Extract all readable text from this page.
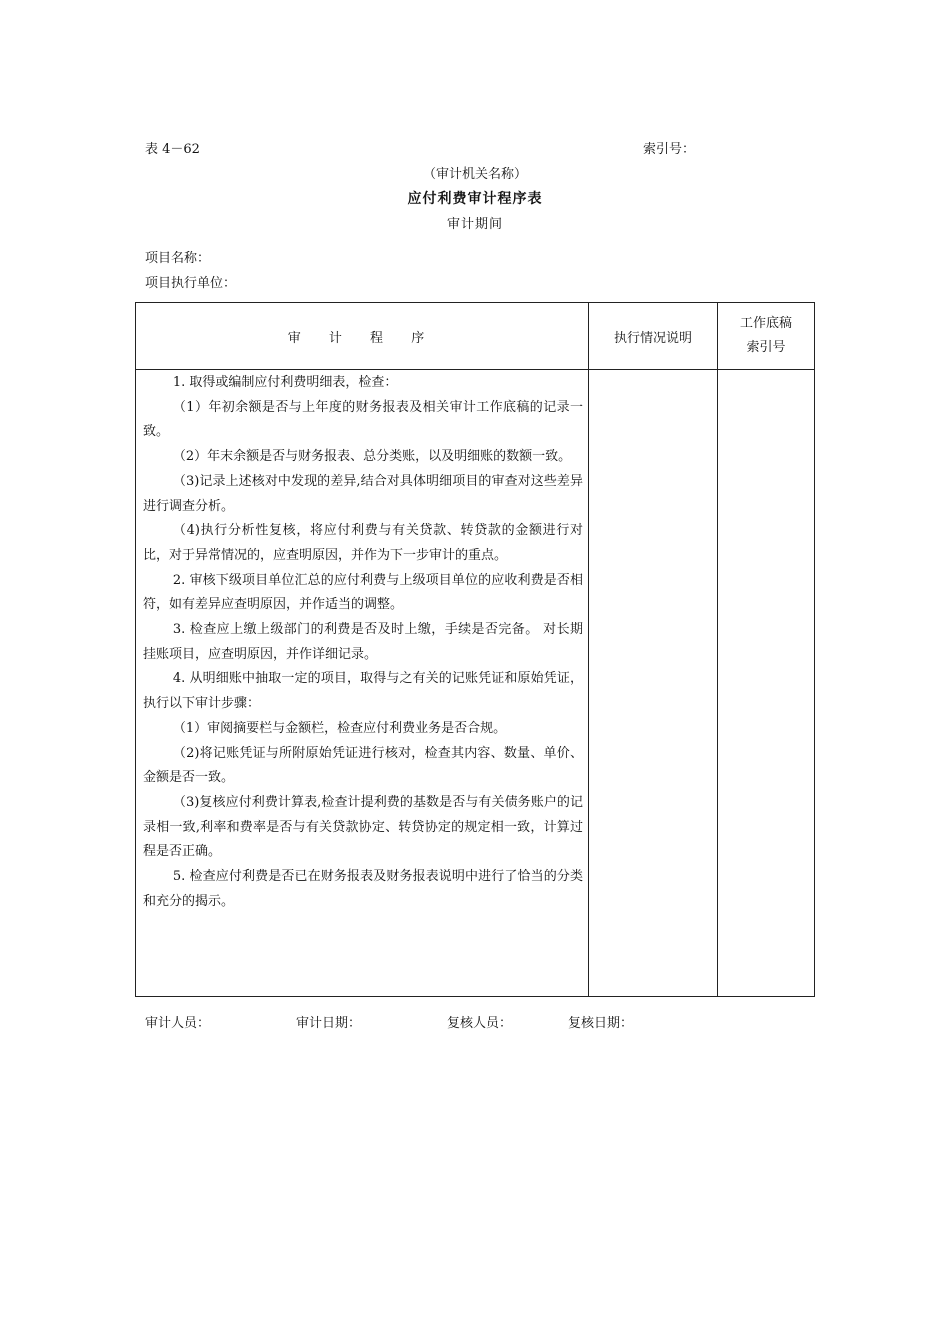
表 4－62	索引号：
（审计机关名称）
应付利费审计程序表
审计期间
项目名称：
项目执行单位：
审 计 程 序	执行情况说明
工作底稿
索引号

1. 取得或编制应付利费明细表，检查：

（1）年初余额是否与上年度的财务报表及相关审计工作底稿的记录一致。

（2）年末余额是否与财务报表、总分类账，以及明细账的数额一致。

（3)记录上述核对中发现的差异,结合对具体明细项目的审查对这些差异进行调查分析。

（4)执行分析性复核，将应付利费与有关贷款、转贷款的金额进行对比，对于异常情况的，应查明原因，并作为下一步审计的重点。

2. 审核下级项目单位汇总的应付利费与上级项目单位的应收利费是否相符，如有差异应查明原因，并作适当的调整。

3. 检查应上缴上级部门的利费是否及时上缴，手续是否完备。 对长期挂账项目，应查明原因，并作详细记录。

4. 从明细账中抽取一定的项目，取得与之有关的记账凭证和原始凭证，执行以下审计步骤：

（1）审阅摘要栏与金额栏，检查应付利费业务是否合规。

（2)将记账凭证与所附原始凭证进行核对，检查其内容、数量、单价、金额是否一致。

（3)复核应付利费计算表,检查计提利费的基数是否与有关债务账户的记录相一致,利率和费率是否与有关贷款协定、转贷协定的规定相一致，计算过程是否正确。

5. 检查应付利费是否已在财务报表及财务报表说明中进行了恰当的分类和充分的揭示。

审计人员：	审计日期：	复核人员：	复核日期：
